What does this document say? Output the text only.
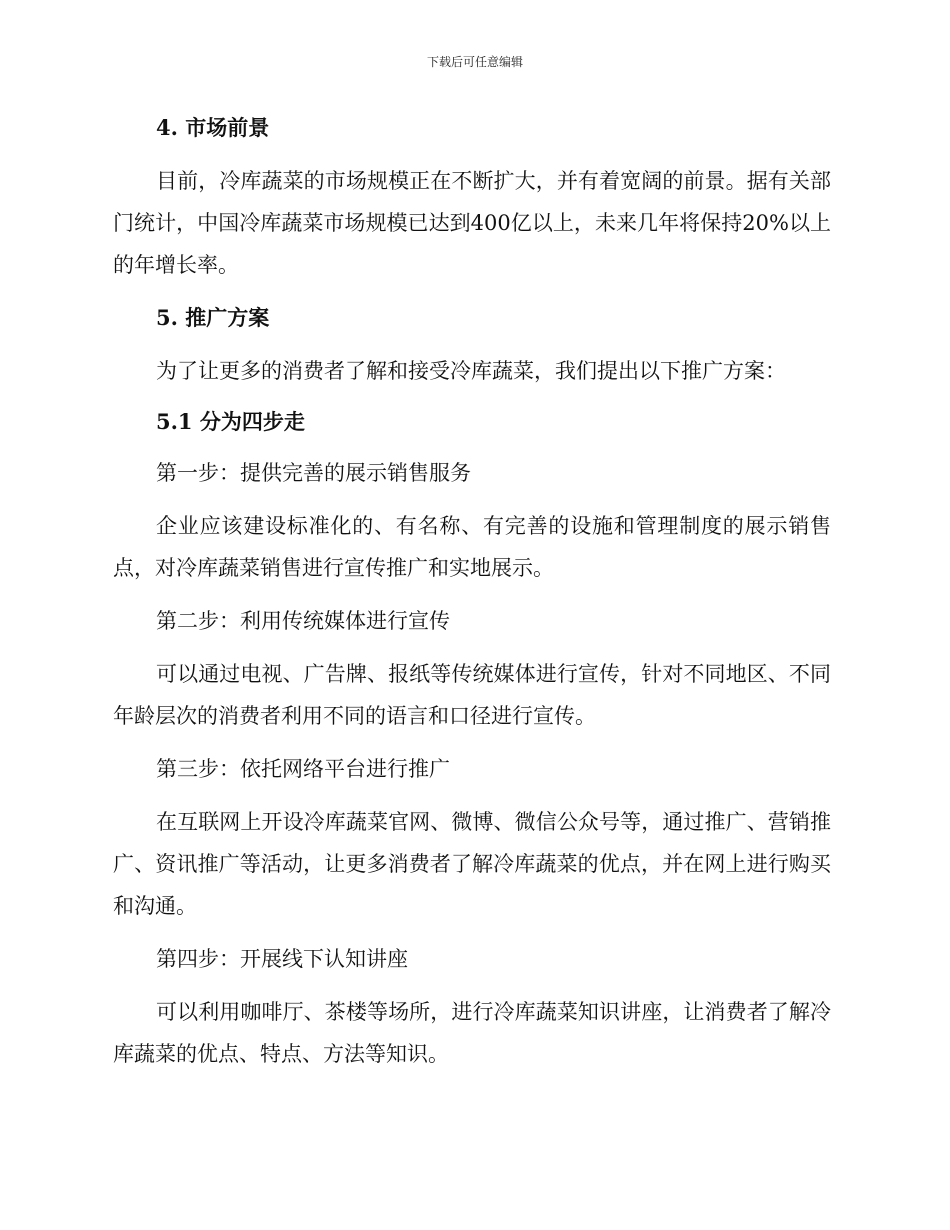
下载后可任意编辑

4. 市场前景

目前，冷库蔬菜的市场规模正在不断扩大，并有着宽阔的前景。据有关部门统计，中国冷库蔬菜市场规模已达到400亿以上，未来几年将保持20%以上的年增长率。

5. 推广方案

为了让更多的消费者了解和接受冷库蔬菜，我们提出以下推广方案：

5.1 分为四步走

第一步：提供完善的展示销售服务

企业应该建设标准化的、有名称、有完善的设施和管理制度的展示销售点，对冷库蔬菜销售进行宣传推广和实地展示。

第二步：利用传统媒体进行宣传

可以通过电视、广告牌、报纸等传统媒体进行宣传，针对不同地区、不同年龄层次的消费者利用不同的语言和口径进行宣传。

第三步：依托网络平台进行推广

在互联网上开设冷库蔬菜官网、微博、微信公众号等，通过推广、营销推广、资讯推广等活动，让更多消费者了解冷库蔬菜的优点，并在网上进行购买和沟通。

第四步：开展线下认知讲座

可以利用咖啡厅、茶楼等场所，进行冷库蔬菜知识讲座，让消费者了解冷库蔬菜的优点、特点、方法等知识。
